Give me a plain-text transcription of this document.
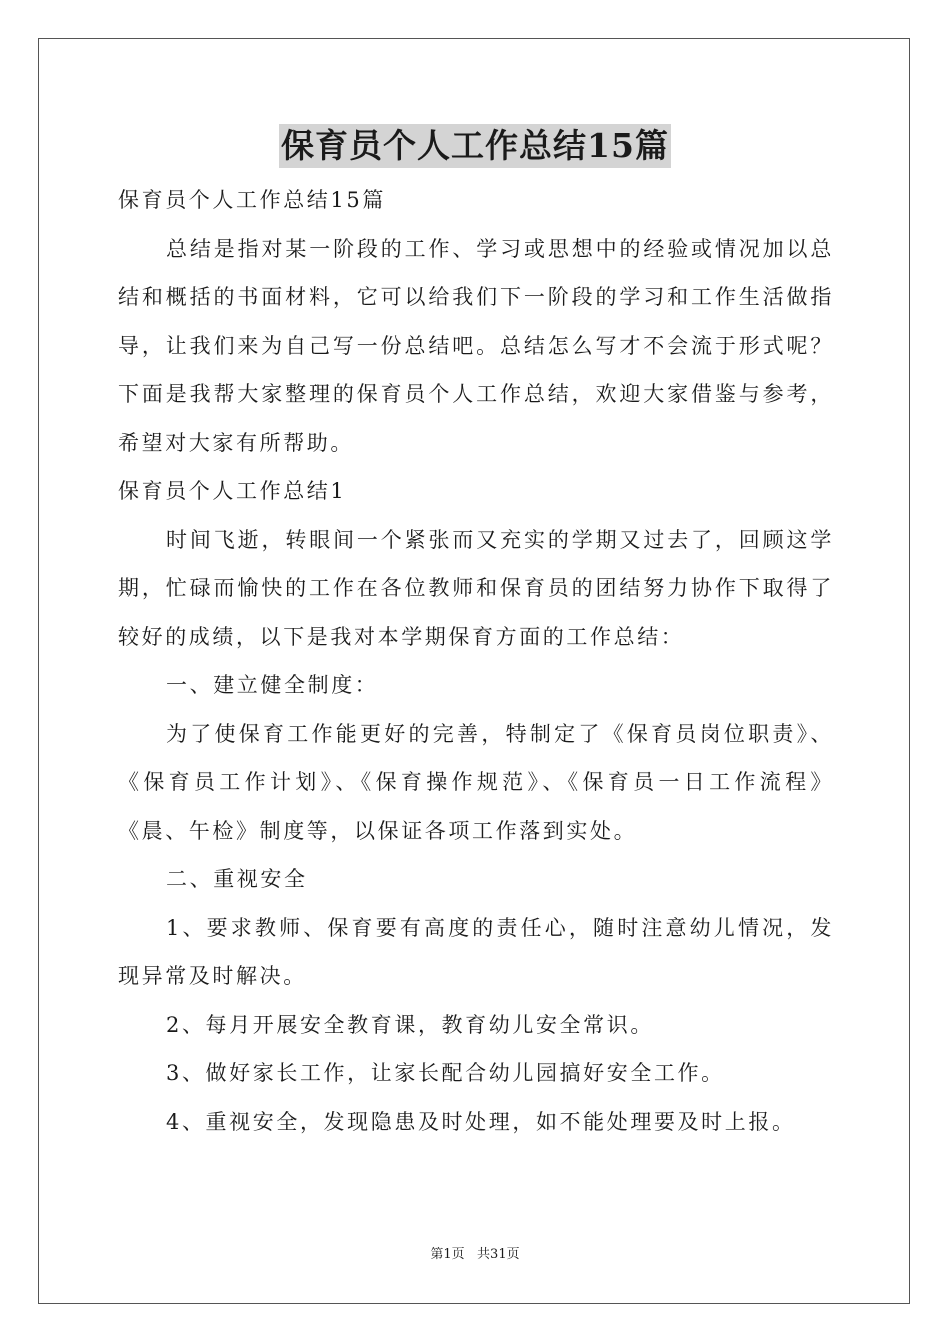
保育员个人工作总结15篇

保育员个人工作总结15篇

总结是指对某一阶段的工作、学习或思想中的经验或情况加以总结和概括的书面材料，它可以给我们下一阶段的学习和工作生活做指导，让我们来为自己写一份总结吧。总结怎么写才不会流于形式呢？下面是我帮大家整理的保育员个人工作总结，欢迎大家借鉴与参考，希望对大家有所帮助。

保育员个人工作总结1

时间飞逝，转眼间一个紧张而又充实的学期又过去了，回顾这学期，忙碌而愉快的工作在各位教师和保育员的团结努力协作下取得了较好的成绩，以下是我对本学期保育方面的工作总结：

一、建立健全制度：

为了使保育工作能更好的完善，特制定了《保育员岗位职责》、《保育员工作计划》、《保育操作规范》、《保育员一日工作流程》《晨、午检》制度等，以保证各项工作落到实处。

二、重视安全

1、要求教师、保育要有高度的责任心，随时注意幼儿情况，发现异常及时解决。

2、每月开展安全教育课，教育幼儿安全常识。

3、做好家长工作，让家长配合幼儿园搞好安全工作。

4、重视安全，发现隐患及时处理，如不能处理要及时上报。

第1页   共31页
